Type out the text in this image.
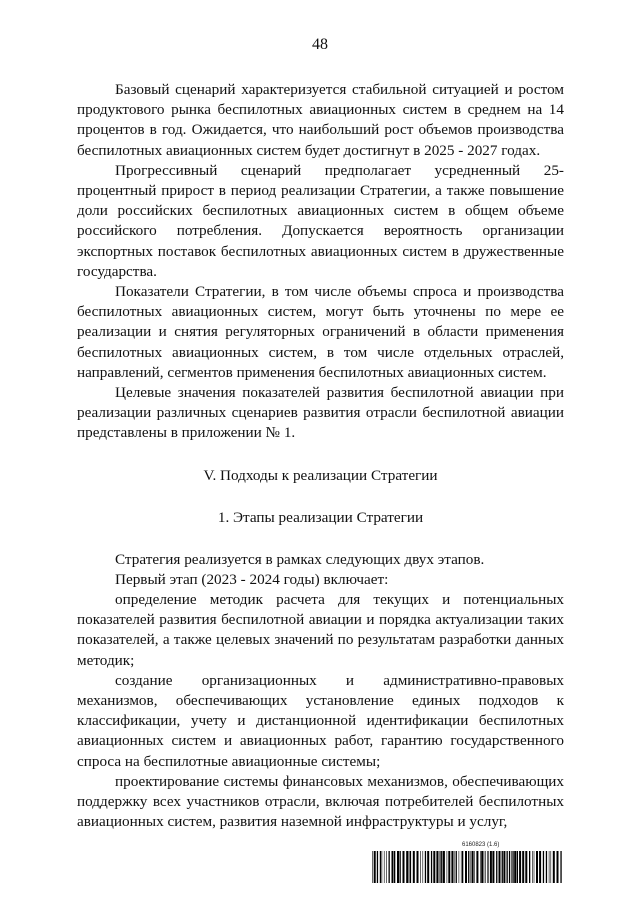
48

Базовый сценарий характеризуется стабильной ситуацией и ростом продуктового рынка беспилотных авиационных систем в среднем на 14 процентов в год. Ожидается, что наибольший рост объемов производства беспилотных авиационных систем будет достигнут в 2025 - 2027 годах.

Прогрессивный сценарий предполагает усредненный 25-процентный прирост в период реализации Стратегии, а также повышение доли российских беспилотных авиационных систем в общем объеме российского потребления. Допускается вероятность организации экспортных поставок беспилотных авиационных систем в дружественные государства.

Показатели Стратегии, в том числе объемы спроса и производства беспилотных авиационных систем, могут быть уточнены по мере ее реализации и снятия регуляторных ограничений в области применения беспилотных авиационных систем, в том числе отдельных отраслей, направлений, сегментов применения беспилотных авиационных систем.

Целевые значения показателей развития беспилотной авиации при реализации различных сценариев развития отрасли беспилотной авиации представлены в приложении № 1.

V. Подходы к реализации Стратегии
1. Этапы реализации Стратегии

Стратегия реализуется в рамках следующих двух этапов.

Первый этап (2023 - 2024 годы) включает:

определение методик расчета для текущих и потенциальных показателей развития беспилотной авиации и порядка актуализации таких показателей, а также целевых значений по результатам разработки данных методик;

создание организационных и административно-правовых механизмов, обеспечивающих установление единых подходов к классификации, учету и дистанционной идентификации беспилотных авиационных систем и авиационных работ, гарантию государственного спроса на беспилотные авиационные системы;

проектирование системы финансовых механизмов, обеспечивающих поддержку всех участников отрасли, включая потребителей беспилотных авиационных систем, развития наземной инфраструктуры и услуг,

6160823 (1.6)
